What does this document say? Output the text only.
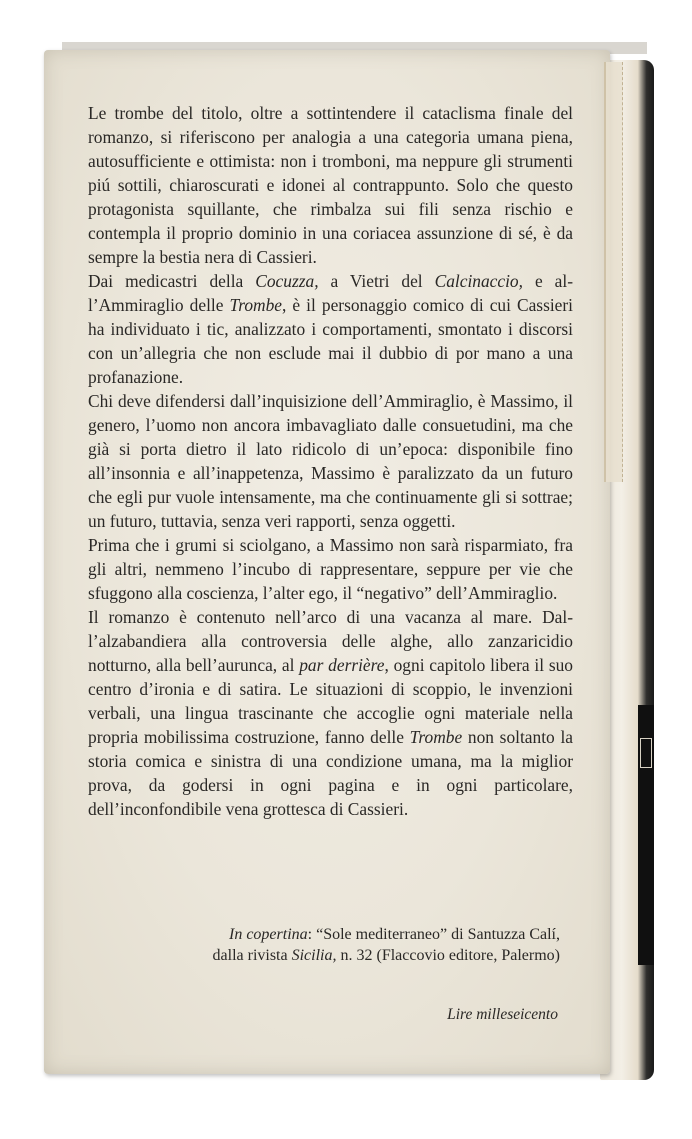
Le trombe del titolo, oltre a sottintendere il cataclisma finale del romanzo, si riferiscono per analogia a una categoria umana piena, autosufficiente e ottimista: non i tromboni, ma neppure gli strumenti piú sottili, chiaroscurati e idonei al contrappunto. Solo che questo protagonista squillante, che rimbalza sui fili senza rischio e contempla il proprio dominio in una coriacea assunzione di sé, è da sempre la bestia nera di Cassieri.

Dai medicastri della Cocuzza, a Vietri del Calcinaccio, e all’Ammiraglio delle Trombe, è il personaggio comico di cui Cassieri ha individuato i tic, analizzato i comportamenti, smontato i discorsi con un’allegria che non esclude mai il dubbio di por mano a una profanazione.

Chi deve difendersi dall’inquisizione dell’Ammiraglio, è Massimo, il genero, l’uomo non ancora imbavagliato dalle consuetudini, ma che già si porta dietro il lato ridicolo di un’epoca: disponibile fino all’insonnia e all’inappetenza, Massimo è paralizzato da un futuro che egli pur vuole intensamente, ma che continuamente gli si sottrae; un futuro, tuttavia, senza veri rapporti, senza oggetti.

Prima che i grumi si sciolgano, a Massimo non sarà risparmiato, fra gli altri, nemmeno l’incubo di rappresentare, seppure per vie che sfuggono alla coscienza, l’alter ego, il “negativo” dell’Ammiraglio.

Il romanzo è contenuto nell’arco di una vacanza al mare. Dall’alzabandiera alla controversia delle alghe, allo zanzaricidio notturno, alla bell’aurunca, al par derrière, ogni capitolo libera il suo centro d’ironia e di satira. Le situazioni di scoppio, le invenzioni verbali, una lingua trascinante che accoglie ogni materiale nella propria mobilissima costruzione, fanno delle Trombe non soltanto la storia comica e sinistra di una condizione umana, ma la miglior prova, da godersi in ogni pagina e in ogni particolare, dell’inconfondibile vena grottesca di Cassieri.

In copertina: “Sole mediterraneo” di Santuzza Calí,
dalla rivista Sicilia, n. 32 (Flaccovio editore, Palermo)
Lire milleseicento
